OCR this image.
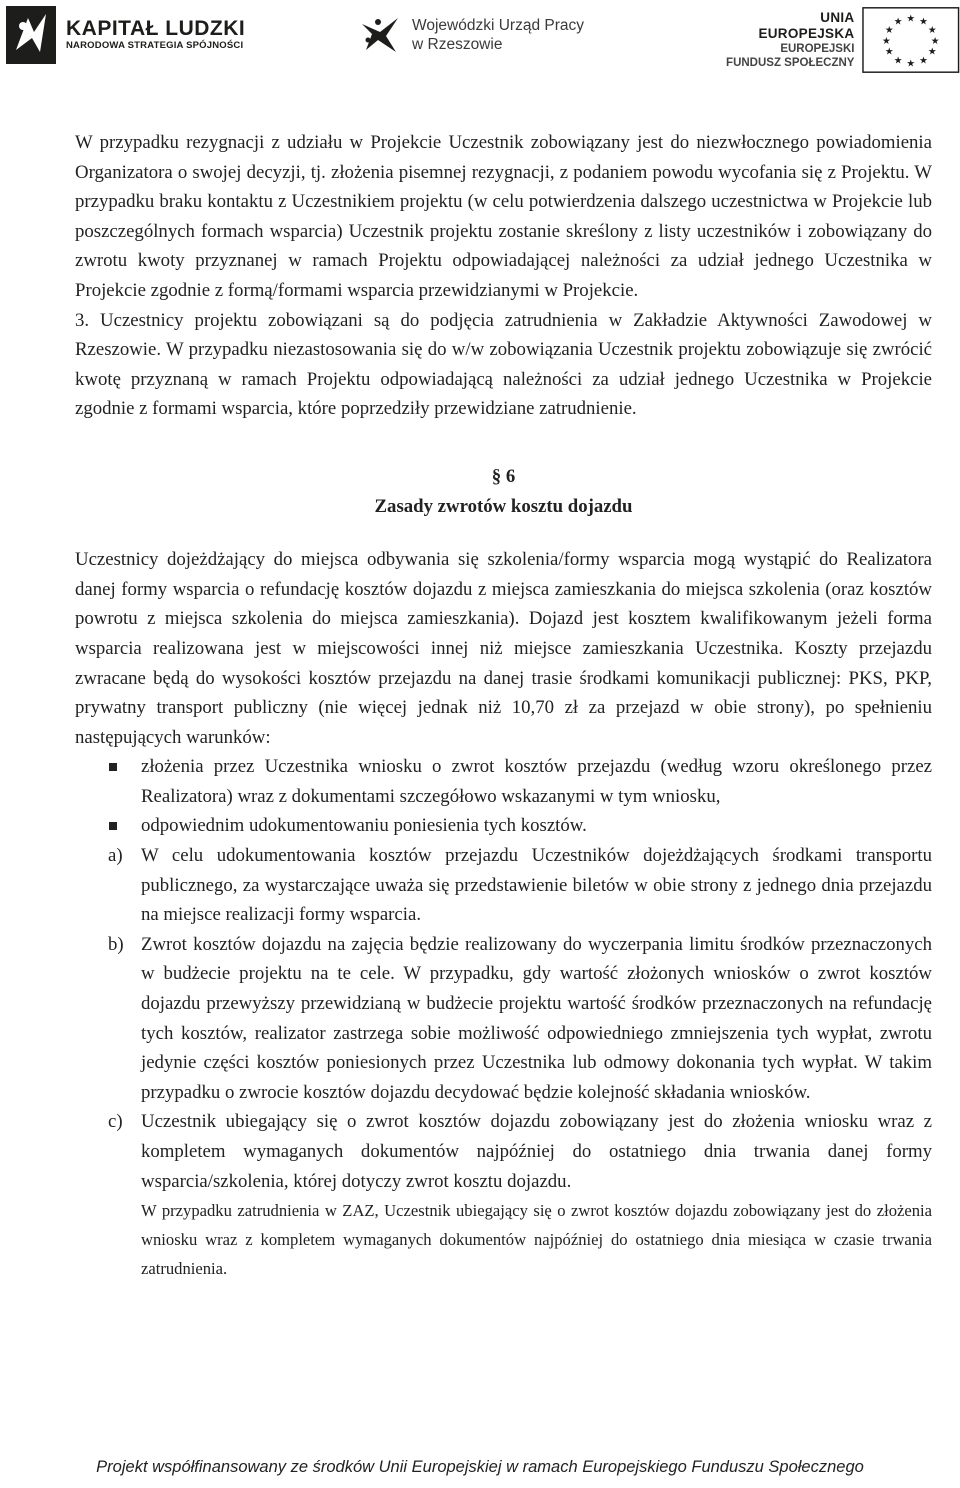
KAPITAŁ LUDZKI
NARODOWA STRATEGIA SPÓJNOŚCI
Wojewódzki Urząd Pracy
w Rzeszowie
UNIA EUROPEJSKA
EUROPEJSKI
FUNDUSZ SPOŁECZNY
★ ★
★
★
★
★
★
★
★
★
★
★

W przypadku rezygnacji z udziału w Projekcie Uczestnik zobowiązany jest do niezwłocznego powiadomienia Organizatora o swojej decyzji, tj. złożenia pisemnej rezygnacji, z podaniem powodu wycofania się z Projektu. W przypadku braku kontaktu z Uczestnikiem projektu (w celu potwierdzenia dalszego uczestnictwa w Projekcie lub poszczególnych formach wsparcia) Uczestnik projektu zostanie skreślony z listy uczestników i zobowiązany do zwrotu kwoty przyznanej w ramach Projektu odpowiadającej należności za udział jednego Uczestnika w Projekcie zgodnie z formą/formami wsparcia przewidzianymi w Projekcie.

3. Uczestnicy projektu zobowiązani są do podjęcia zatrudnienia w Zakładzie Aktywności Zawodowej w Rzeszowie. W przypadku niezastosowania się do w/w zobowiązania Uczestnik projektu zobowiązuje się zwrócić kwotę przyznaną w ramach Projektu odpowiadającą należności za udział jednego Uczestnika w Projekcie zgodnie z formami wsparcia, które poprzedziły przewidziane zatrudnienie.

§ 6
Zasady zwrotów kosztu dojazdu

Uczestnicy dojeżdżający do miejsca odbywania się szkolenia/formy wsparcia mogą wystąpić do Realizatora danej formy wsparcia o refundację kosztów dojazdu z miejsca zamieszkania do miejsca szkolenia (oraz kosztów powrotu z miejsca szkolenia do miejsca zamieszkania). Dojazd jest kosztem kwalifikowanym jeżeli forma wsparcia realizowana jest w miejscowości innej niż miejsce zamieszkania Uczestnika. Koszty przejazdu zwracane będą do wysokości kosztów przejazdu na danej trasie środkami komunikacji publicznej: PKS, PKP, prywatny transport publiczny (nie więcej jednak niż 10,70 zł za przejazd w obie strony), po spełnieniu następujących warunków:

złożenia przez Uczestnika wniosku o zwrot kosztów przejazdu (według wzoru określonego przez Realizatora) wraz z dokumentami szczegółowo wskazanymi w tym wniosku,
odpowiednim udokumentowaniu poniesienia tych kosztów.
a) W celu udokumentowania kosztów przejazdu Uczestników dojeżdżających środkami transportu publicznego, za wystarczające uważa się przedstawienie biletów w obie strony z jednego dnia przejazdu na miejsce realizacji formy wsparcia.
b) Zwrot kosztów dojazdu na zajęcia będzie realizowany do wyczerpania limitu środków przeznaczonych w budżecie projektu na te cele. W przypadku, gdy wartość złożonych wniosków o zwrot kosztów dojazdu przewyższy przewidzianą w budżecie projektu wartość środków przeznaczonych na refundację tych kosztów, realizator zastrzega sobie możliwość odpowiedniego zmniejszenia tych wypłat, zwrotu jedynie części kosztów poniesionych przez Uczestnika lub odmowy dokonania tych wypłat. W takim przypadku o zwrocie kosztów dojazdu decydować będzie kolejność składania wniosków.
c) Uczestnik ubiegający się o zwrot kosztów dojazdu zobowiązany jest do złożenia wniosku wraz z kompletem wymaganych dokumentów najpóźniej do ostatniego dnia trwania danej formy wsparcia/szkolenia, której dotyczy zwrot kosztu dojazdu.
W przypadku zatrudnienia w ZAZ, Uczestnik ubiegający się o zwrot kosztów dojazdu zobowiązany jest do złożenia wniosku wraz z kompletem wymaganych dokumentów najpóźniej do ostatniego dnia miesiąca w czasie trwania zatrudnienia.
Projekt współfinansowany ze środków Unii Europejskiej w ramach Europejskiego Funduszu Społecznego
